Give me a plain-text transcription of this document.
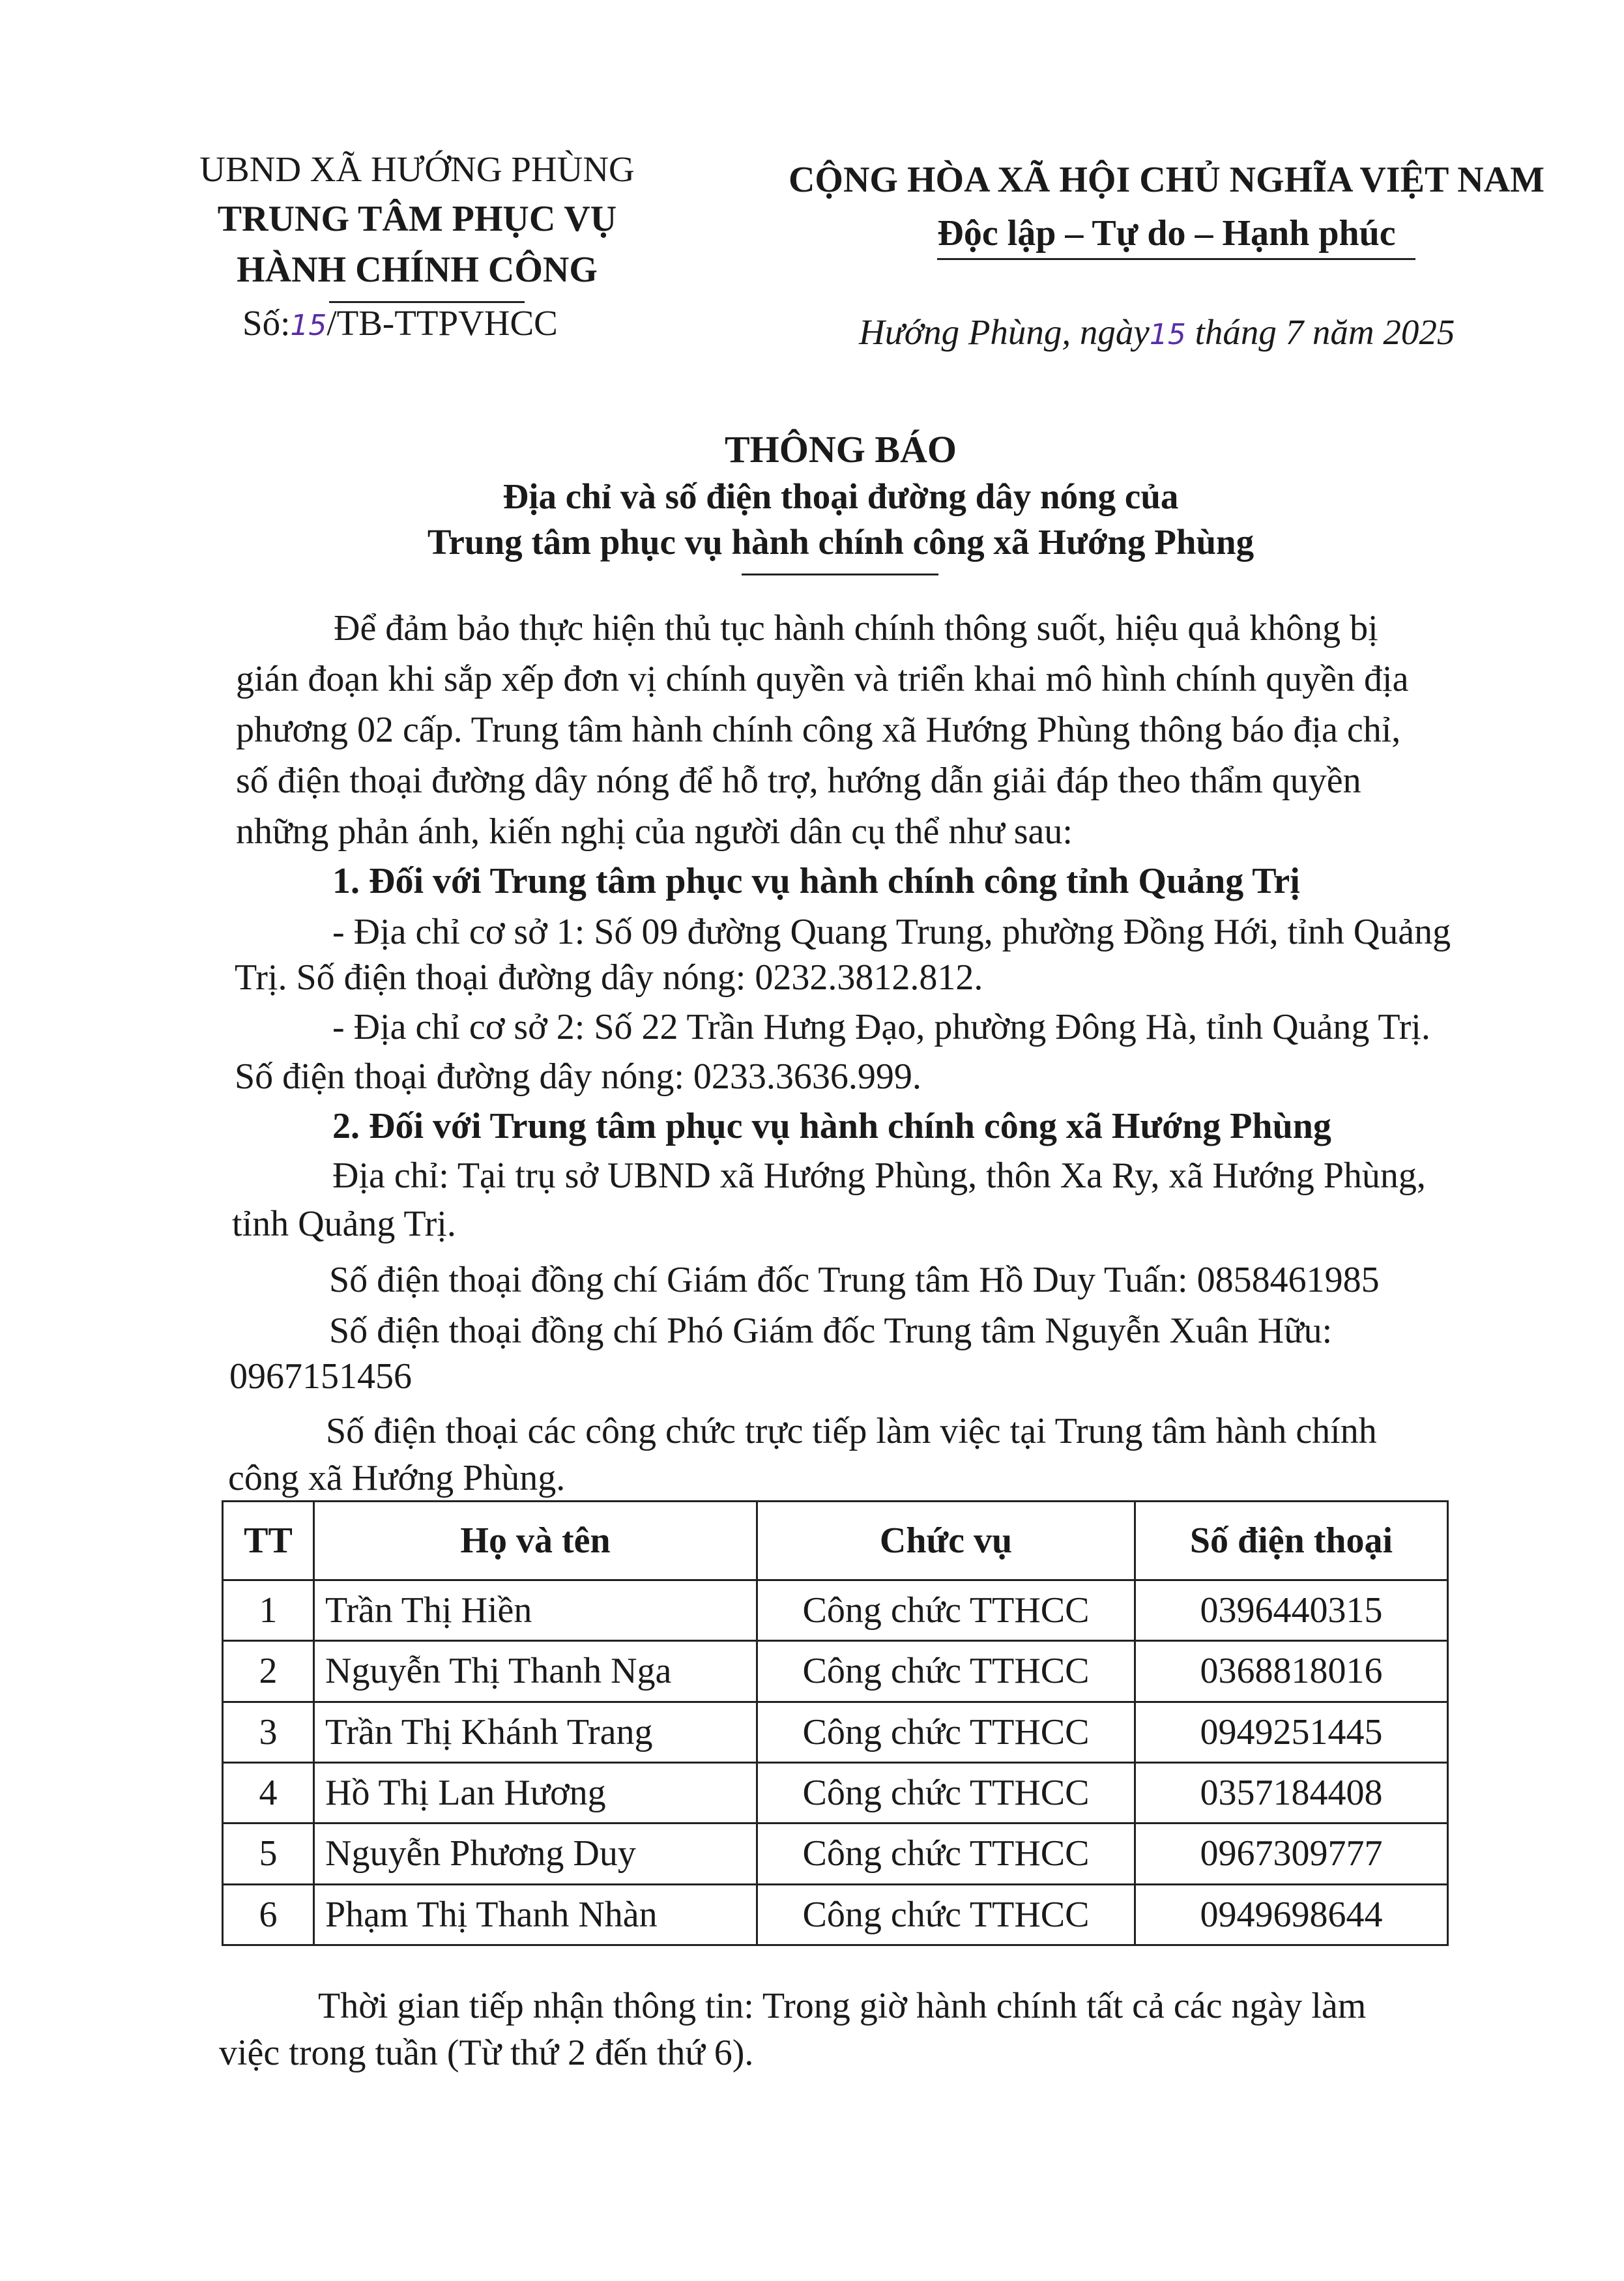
UBND XÃ HƯỚNG PHÙNG
TRUNG TÂM PHỤC VỤ
HÀNH CHÍNH CÔNG
Số:15/TB-TTPVHCC
CỘNG HÒA XÃ HỘI CHỦ NGHĨA VIỆT NAM
Độc lập – Tự do – Hạnh phúc
Hướng Phùng, ngày15 tháng 7 năm 2025
THÔNG BÁO
Địa chỉ và số điện thoại đường dây nóng của
Trung tâm phục vụ hành chính công xã Hướng Phùng
Để đảm bảo thực hiện thủ tục hành chính thông suốt, hiệu quả không bị
gián đoạn khi sắp xếp đơn vị chính quyền và triển khai mô hình chính quyền địa
phương 02 cấp. Trung tâm hành chính công xã Hướng Phùng thông báo địa chỉ,
số điện thoại đường dây nóng để hỗ trợ, hướng dẫn giải đáp theo thẩm quyền
những phản ánh, kiến nghị của người dân cụ thể như sau:
1. Đối với Trung tâm phục vụ hành chính công tỉnh Quảng Trị
- Địa chỉ cơ sở 1: Số 09 đường Quang Trung, phường Đồng Hới, tỉnh Quảng
Trị. Số điện thoại đường dây nóng: 0232.3812.812.
- Địa chỉ cơ sở 2: Số 22 Trần Hưng Đạo, phường Đông Hà, tỉnh Quảng Trị.
Số điện thoại đường dây nóng: 0233.3636.999.
2. Đối với Trung tâm phục vụ hành chính công xã Hướng Phùng
Địa chỉ: Tại trụ sở UBND xã Hướng Phùng, thôn Xa Ry, xã Hướng Phùng,
tỉnh Quảng Trị.
Số điện thoại đồng chí Giám đốc Trung tâm Hồ Duy Tuấn: 0858461985
Số điện thoại đồng chí Phó Giám đốc Trung tâm Nguyễn Xuân Hữu:
0967151456
Số điện thoại các công chức trực tiếp làm việc tại Trung tâm hành chính
công xã Hướng Phùng.
TT	Họ và tên	Chức vụ	Số điện thoại
1	Trần Thị Hiền	Công chức TTHCC	0396440315
2	Nguyễn Thị Thanh Nga	Công chức TTHCC	0368818016
3	Trần Thị Khánh Trang	Công chức TTHCC	0949251445
4	Hồ Thị Lan Hương	Công chức TTHCC	0357184408
5	Nguyễn Phương Duy	Công chức TTHCC	0967309777
6	Phạm Thị Thanh Nhàn	Công chức TTHCC	0949698644
Thời gian tiếp nhận thông tin: Trong giờ hành chính tất cả các ngày làm
việc trong tuần (Từ thứ 2 đến thứ 6).
